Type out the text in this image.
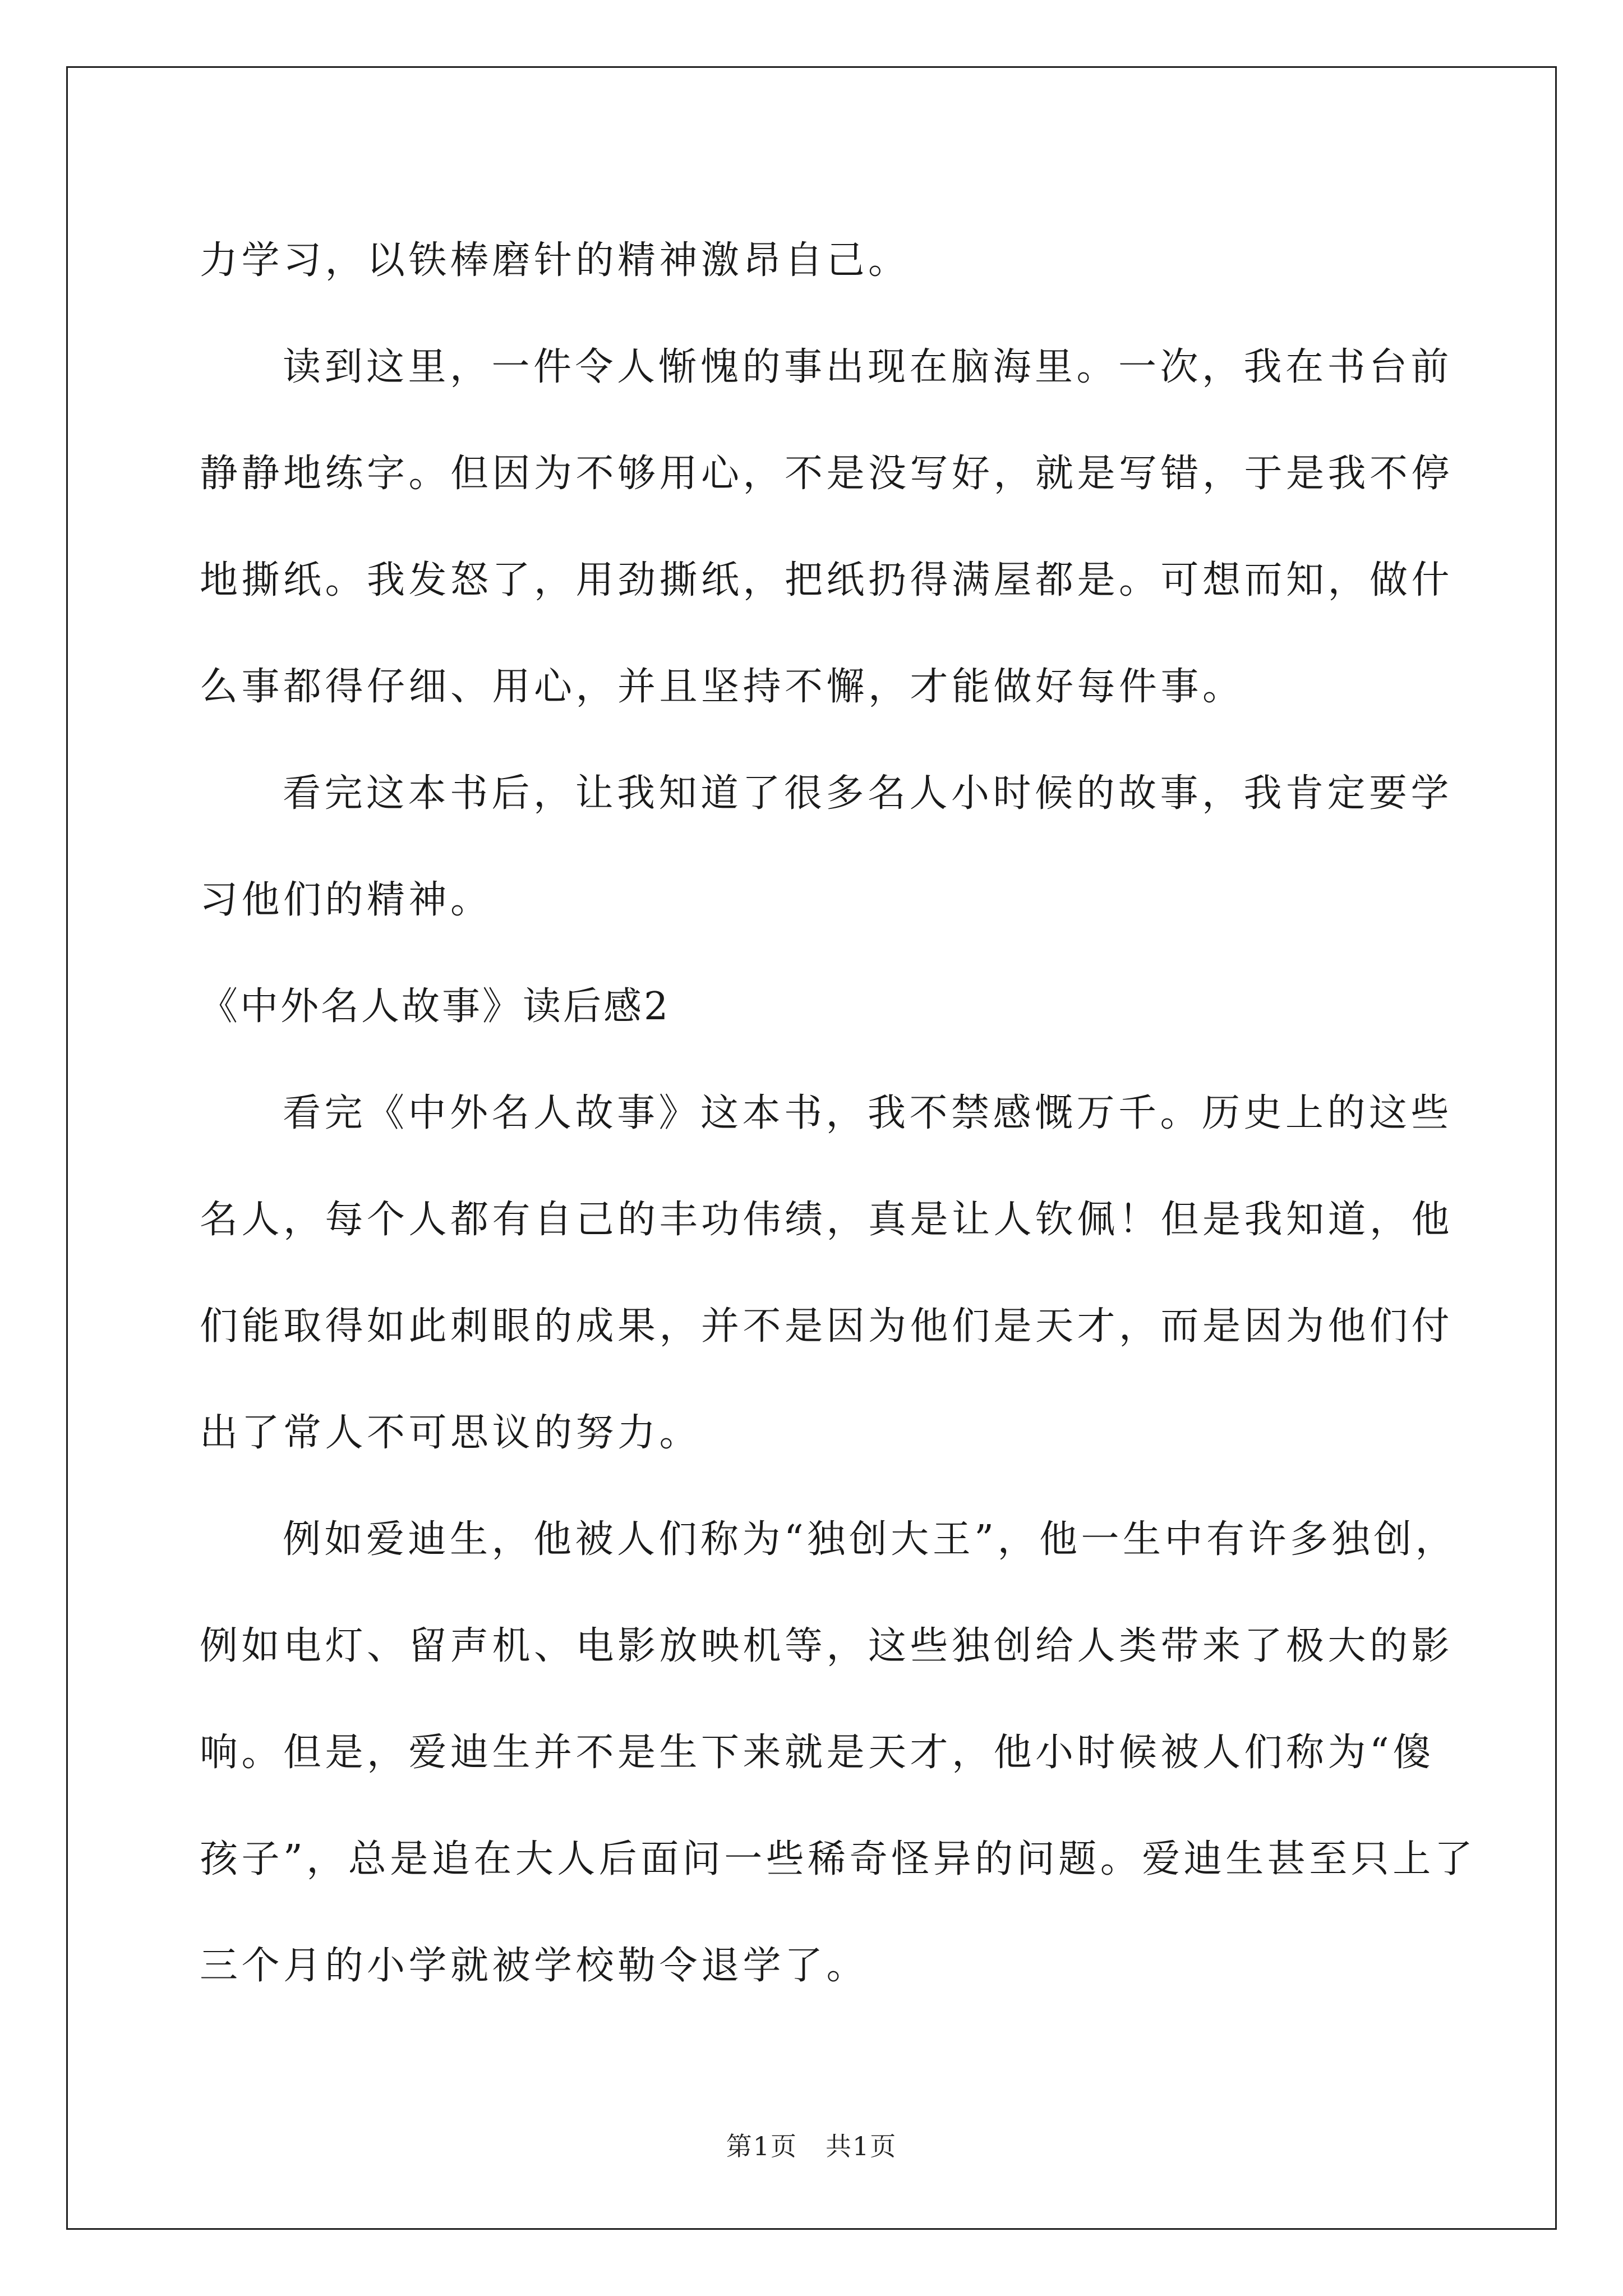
力学习，以铁棒磨针的精神激昂自己。
读到这里，一件令人惭愧的事出现在脑海里。一次，我在书台前
静静地练字。但因为不够用心，不是没写好，就是写错，于是我不停
地撕纸。我发怒了，用劲撕纸，把纸扔得满屋都是。可想而知，做什
么事都得仔细、用心，并且坚持不懈，才能做好每件事。
看完这本书后，让我知道了很多名人小时候的故事，我肯定要学
习他们的精神。
《中外名人故事》读后感2
看完《中外名人故事》这本书，我不禁感慨万千。历史上的这些
名人，每个人都有自己的丰功伟绩，真是让人钦佩！但是我知道，他
们能取得如此刺眼的成果，并不是因为他们是天才，而是因为他们付
出了常人不可思议的努力。
例如爱迪生，他被人们称为“独创大王”，他一生中有许多独创，
例如电灯、留声机、电影放映机等，这些独创给人类带来了极大的影
响。但是，爱迪生并不是生下来就是天才，他小时候被人们称为“傻
孩子”，总是追在大人后面问一些稀奇怪异的问题。爱迪生甚至只上了
三个月的小学就被学校勒令退学了。
第1页 共1页
